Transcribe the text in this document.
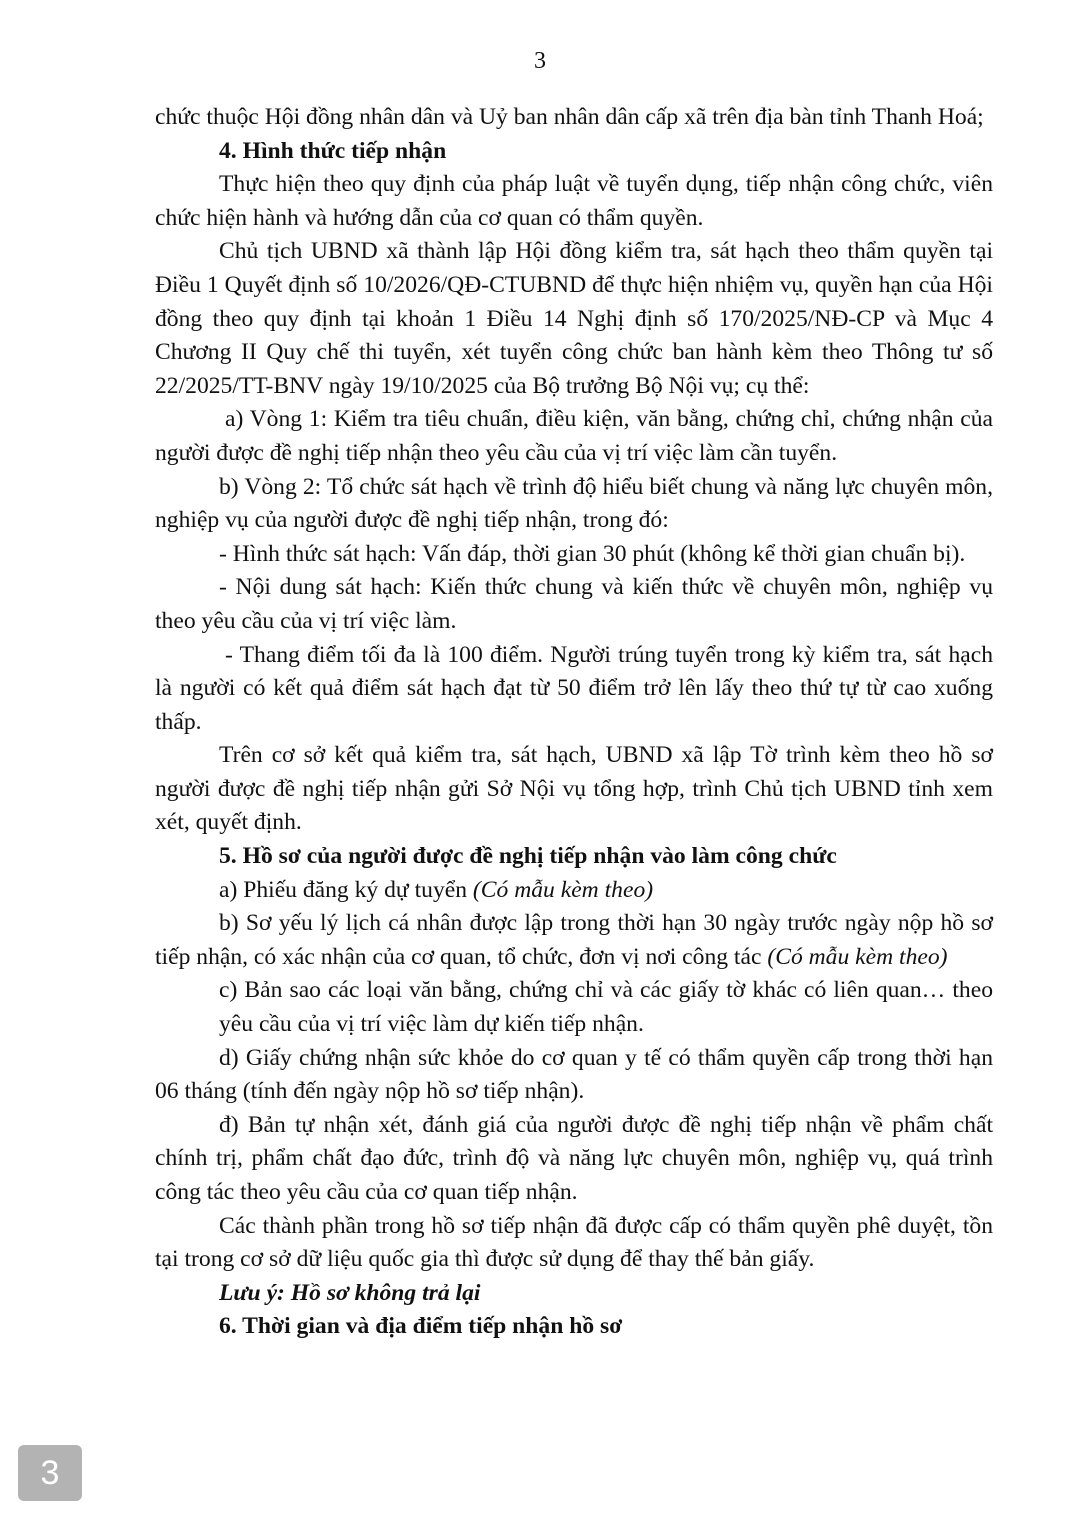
3

chức thuộc Hội đồng nhân dân và Uỷ ban nhân dân cấp xã trên địa bàn tỉnh Thanh Hoá;

4. Hình thức tiếp nhận

Thực hiện theo quy định của pháp luật về tuyển dụng, tiếp nhận công chức, viên chức hiện hành và hướng dẫn của cơ quan có thẩm quyền.

Chủ tịch UBND xã thành lập Hội đồng kiểm tra, sát hạch theo thẩm quyền tại Điều 1 Quyết định số 10/2026/QĐ-CTUBND để thực hiện nhiệm vụ, quyền hạn của Hội đồng theo quy định tại khoản 1 Điều 14 Nghị định số 170/2025/NĐ-CP và Mục 4 Chương II Quy chế thi tuyển, xét tuyển công chức ban hành kèm theo Thông tư số 22/2025/TT-BNV ngày 19/10/2025 của Bộ trưởng Bộ Nội vụ; cụ thể:

a) Vòng 1: Kiểm tra tiêu chuẩn, điều kiện, văn bằng, chứng chỉ, chứng nhận của người được đề nghị tiếp nhận theo yêu cầu của vị trí việc làm cần tuyển.

b) Vòng 2: Tổ chức sát hạch về trình độ hiểu biết chung và năng lực chuyên môn, nghiệp vụ của người được đề nghị tiếp nhận, trong đó:

- Hình thức sát hạch: Vấn đáp, thời gian 30 phút (không kể thời gian chuẩn bị).

- Nội dung sát hạch: Kiến thức chung và kiến thức về chuyên môn, nghiệp vụ theo yêu cầu của vị trí việc làm.

- Thang điểm tối đa là 100 điểm. Người trúng tuyển trong kỳ kiểm tra, sát hạch là người có kết quả điểm sát hạch đạt từ 50 điểm trở lên lấy theo thứ tự từ cao xuống thấp.

Trên cơ sở kết quả kiểm tra, sát hạch, UBND xã lập Tờ trình kèm theo hồ sơ người được đề nghị tiếp nhận gửi Sở Nội vụ tổng hợp, trình Chủ tịch UBND tỉnh xem xét, quyết định.

5. Hồ sơ của người được đề nghị tiếp nhận vào làm công chức

a) Phiếu đăng ký dự tuyển (Có mẫu kèm theo)

b) Sơ yếu lý lịch cá nhân được lập trong thời hạn 30 ngày trước ngày nộp hồ sơ tiếp nhận, có xác nhận của cơ quan, tổ chức, đơn vị nơi công tác (Có mẫu kèm theo)

c) Bản sao các loại văn bằng, chứng chỉ và các giấy tờ khác có liên quan… theo yêu cầu của vị trí việc làm dự kiến tiếp nhận.

d) Giấy chứng nhận sức khỏe do cơ quan y tế có thẩm quyền cấp trong thời hạn 06 tháng (tính đến ngày nộp hồ sơ tiếp nhận).

đ) Bản tự nhận xét, đánh giá của người được đề nghị tiếp nhận về phẩm chất chính trị, phẩm chất đạo đức, trình độ và năng lực chuyên môn, nghiệp vụ, quá trình công tác theo yêu cầu của cơ quan tiếp nhận.

Các thành phần trong hồ sơ tiếp nhận đã được cấp có thẩm quyền phê duyệt, tồn tại trong cơ sở dữ liệu quốc gia thì được sử dụng để thay thế bản giấy.

Lưu ý: Hồ sơ không trả lại

6. Thời gian và địa điểm tiếp nhận hồ sơ

3
